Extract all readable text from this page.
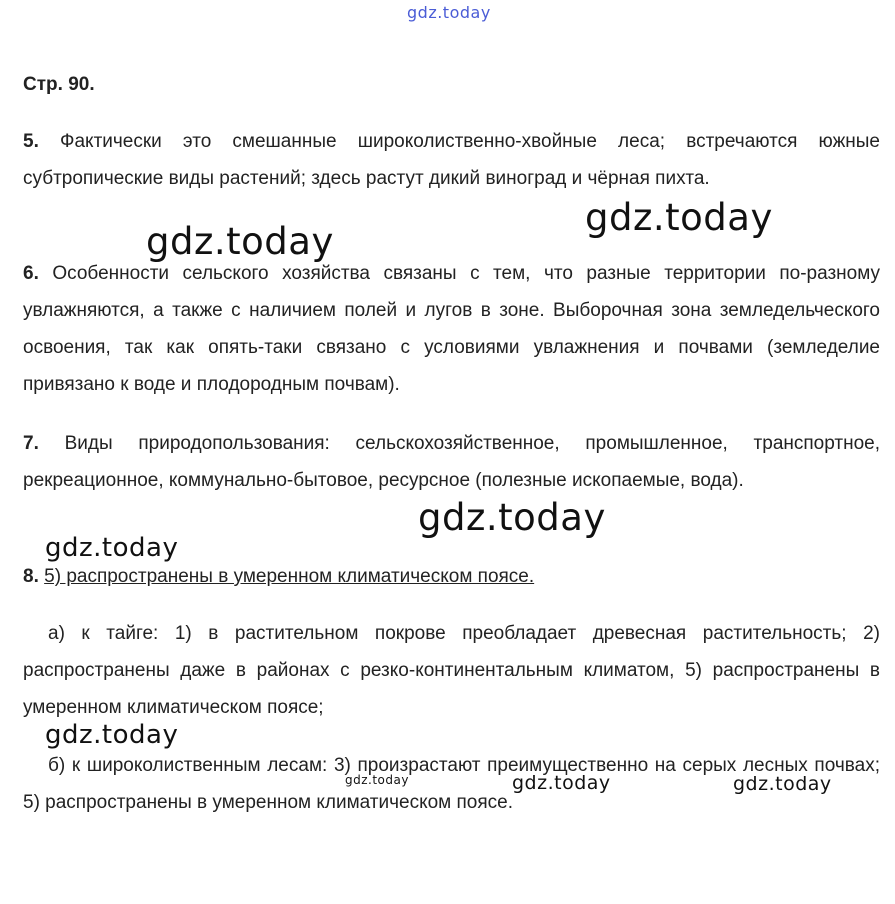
gdz.today
Стр. 90.
5. Фактически это смешанные широколиственно-хвойные леса; встречаются южные субтропические виды растений; здесь растут дикий виноград и чёрная пихта.
6. Особенности сельского хозяйства связаны с тем, что разные территории по-разному увлажняются, а также с наличием полей и лугов в зоне. Выборочная зона земледельческого освоения, так как опять-таки связано с условиями увлажнения и почвами (земледелие привязано к воде и плодородным почвам).
7. Виды природопользования: сельскохозяйственное, промышленное, транспортное, рекреационное, коммунально-бытовое, ресурсное (полезные ископаемые, вода).
8. 5) распространены в умеренном климатическом поясе.
а) к тайге: 1) в растительном покрове преобладает древесная растительность; 2) распространены даже в районах с резко-континентальным климатом, 5) распространены в умеренном климатическом поясе;
б) к широколиственным лесам: 3) произрастают преимущественно на серых лесных почвах; 5) распространены в умеренном климатическом поясе.
gdz.today
gdz.today
gdz.today
gdz.today
gdz.today
gdz.today	gdz.today	gdz.today
